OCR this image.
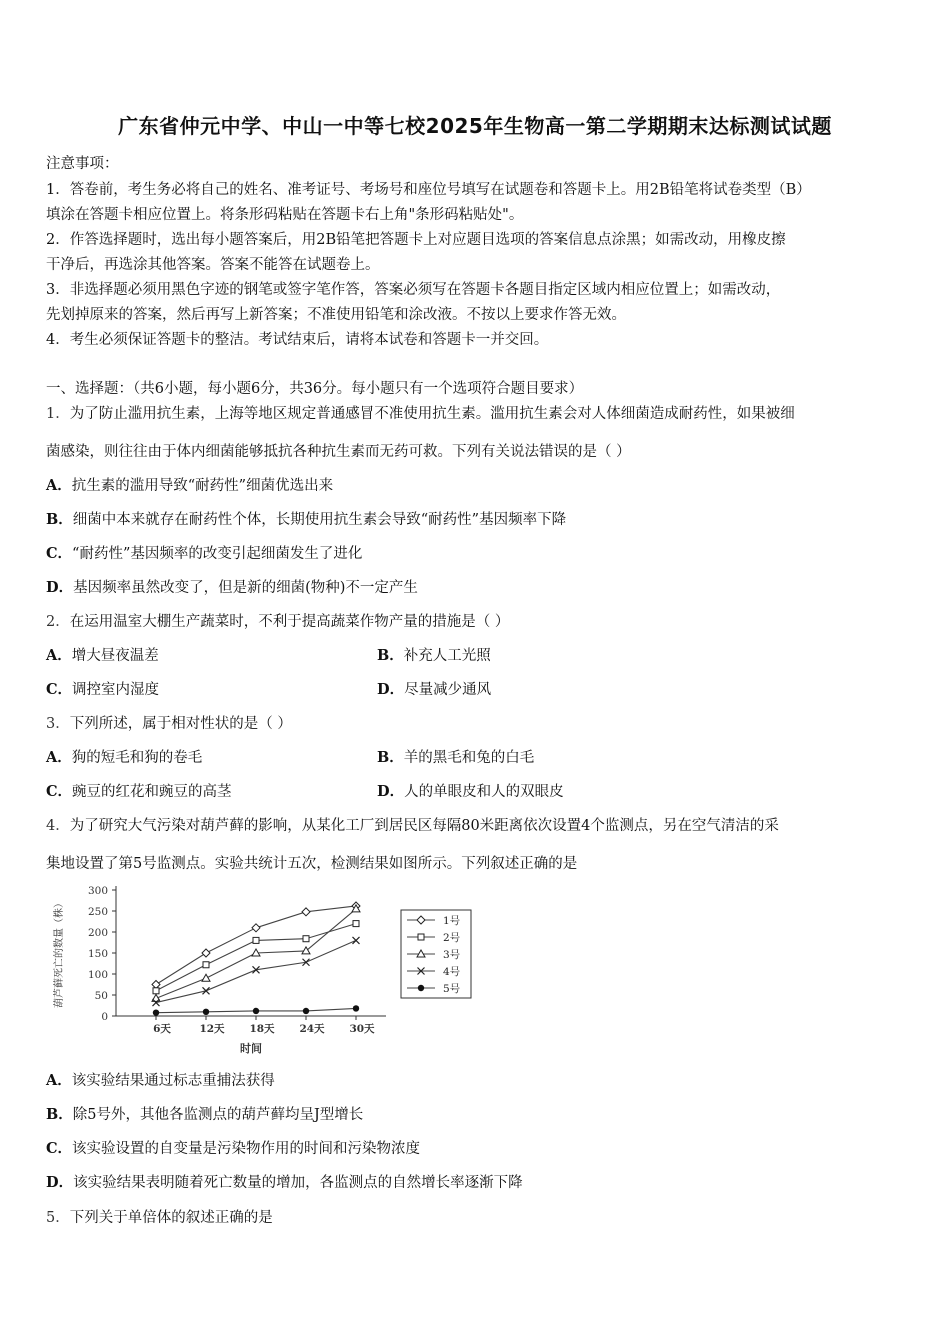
广东省仲元中学、中山一中等七校2025年生物高一第二学期期末达标测试试题
注意事项：
1．答卷前，考生务必将自己的姓名、准考证号、考场号和座位号填写在试题卷和答题卡上。用2B铅笔将试卷类型（B）
填涂在答题卡相应位置上。将条形码粘贴在答题卡右上角"条形码粘贴处"。
2．作答选择题时，选出每小题答案后，用2B铅笔把答题卡上对应题目选项的答案信息点涂黑；如需改动，用橡皮擦
干净后，再选涂其他答案。答案不能答在试题卷上。
3．非选择题必须用黑色字迹的钢笔或签字笔作答，答案必须写在答题卡各题目指定区域内相应位置上；如需改动，
先划掉原来的答案，然后再写上新答案；不准使用铅笔和涂改液。不按以上要求作答无效。
4．考生必须保证答题卡的整洁。考试结束后，请将本试卷和答题卡一并交回。
一、选择题：（共6小题，每小题6分，共36分。每小题只有一个选项符合题目要求）
1．为了防止滥用抗生素，上海等地区规定普通感冒不准使用抗生素。滥用抗生素会对人体细菌造成耐药性，如果被细
菌感染，则往往由于体内细菌能够抵抗各种抗生素而无药可救。下列有关说法错误的是（ ）
A．抗生素的滥用导致“耐药性”细菌优选出来
B．细菌中本来就存在耐药性个体，长期使用抗生素会导致“耐药性”基因频率下降
C．“耐药性”基因频率的改变引起细菌发生了进化
D．基因频率虽然改变了，但是新的细菌(物种)不一定产生
2．在运用温室大棚生产蔬菜时，不利于提高蔬菜作物产量的措施是（ ）
A．增大昼夜温差	B．补充人工光照
C．调控室内湿度	D．尽量减少通风
3．下列所述，属于相对性状的是（ ）
A．狗的短毛和狗的卷毛	B．羊的黑毛和兔的白毛
C．豌豆的红花和豌豆的高茎	D．人的单眼皮和人的双眼皮
4．为了研究大气污染对葫芦藓的影响，从某化工厂到居民区每隔80米距离依次设置4个监测点，另在空气清洁的采
集地设置了第5号监测点。实验共统计五次，检测结果如图所示。下列叙述正确的是
300
250
200
150
100
50
0
6天	12天 18天 24天 30天
时间
葫芦藓死亡的数量（株）	1号
2号
3号
4号
5号
A．该实验结果通过标志重捕法获得
B．除5号外，其他各监测点的葫芦藓均呈J型增长
C．该实验设置的自变量是污染物作用的时间和污染物浓度
D．该实验结果表明随着死亡数量的增加，各监测点的自然增长率逐渐下降
5．下列关于单倍体的叙述正确的是
